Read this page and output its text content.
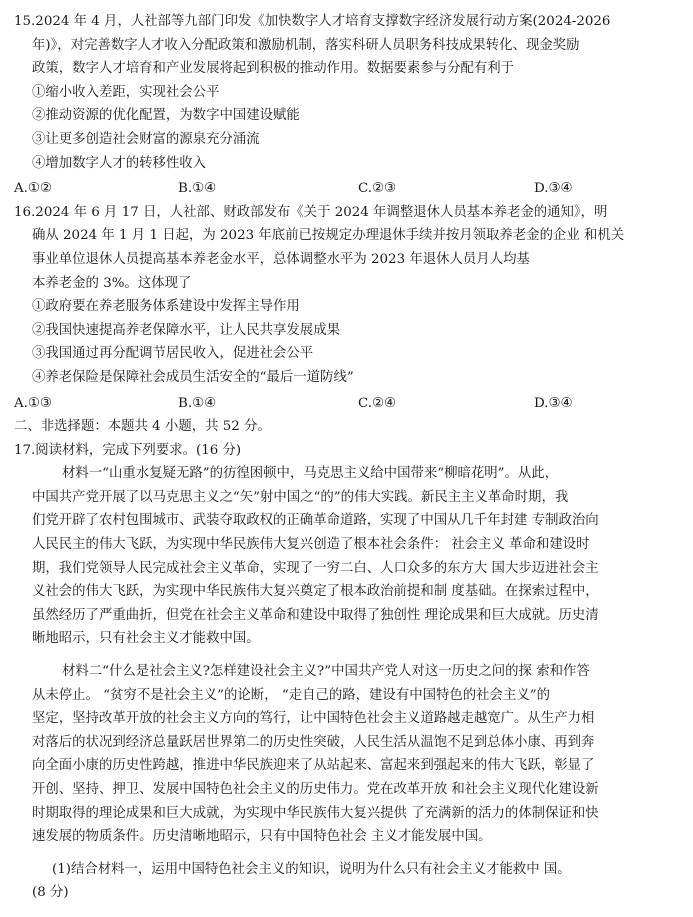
15.2024 年 4 月，人社部等九部门印发《加快数字人才培育支撑数字经济发展行动方案(2024-2026

年)》，对完善数字人才收入分配政策和激励机制，落实科研人员职务科技成果转化、现金奖励

政策，数字人才培育和产业发展将起到积极的推动作用。数据要素参与分配有利于

①缩小收入差距，实现社会公平

②推动资源的优化配置，为数字中国建设赋能

③让更多创造社会财富的源泉充分涌流

④增加数字人才的转移性收入

A.①②	B.①④	C.②③	D.③④

16.2024 年 6 月 17 日，人社部、财政部发布《关于 2024 年调整退休人员基本养老金的通知》，明

确从 2024 年 1 月 1 日起，为 2023 年底前已按规定办理退休手续并按月领取养老金的企业 和机关

事业单位退休人员提高基本养老金水平，总体调整水平为 2023 年退休人员月人均基

本养老金的 3%。这体现了

①政府要在养老服务体系建设中发挥主导作用

②我国快速提高养老保障水平，让人民共享发展成果

③我国通过再分配调节居民收入，促进社会公平

④养老保险是保障社会成员生活安全的“最后一道防线”

A.①③	B.①④	C.②④	D.③④

二、非选择题：本题共 4 小题，共 52 分。

17.阅读材料，完成下列要求。(16 分)

材料一“山重水复疑无路”的彷徨困顿中，马克思主义给中国带来“柳暗花明”。从此，

中国共产党开展了以马克思主义之“矢”射中国之“的”的伟大实践。新民主主义革命时期，我

们党开辟了农村包围城市、武装夺取政权的正确革命道路，实现了中国从几千年封建 专制政治向

人民民主的伟大飞跃，为实现中华民族伟大复兴创造了根本社会条件： 社会主义 革命和建设时

期，我们党领导人民完成社会主义革命，实现了一穷二白、人口众多的东方大 国大步迈进社会主

义社会的伟大飞跃，为实现中华民族伟大复兴奠定了根本政治前提和制 度基础。在探索过程中，

虽然经历了严重曲折，但党在社会主义革命和建设中取得了独创性 理论成果和巨大成就。历史清

晰地昭示，只有社会主义才能救中国。

材料二“什么是社会主义?怎样建设社会主义?”中国共产党人对这一历史之问的探 索和作答

从未停止。 “贫穷不是社会主义”的论断， “走自己的路，建设有中国特色的社会主义”的

坚定，坚持改革开放的社会主义方向的笃行，让中国特色社会主义道路越走越宽广。从生产力相

对落后的状况到经济总量跃居世界第二的历史性突破，人民生活从温饱不足到总体小康、再到奔

向全面小康的历史性跨越，推进中华民族迎来了从站起来、富起来到强起来的伟大飞跃，彰显了

开创、坚持、押卫、发展中国特色社会主义的历史伟力。党在改革开放 和社会主义现代化建设新

时期取得的理论成果和巨大成就，为实现中华民族伟大复兴提供 了充满新的活力的体制保证和快

速发展的物质条件。历史清晰地昭示，只有中国特色社会 主义才能发展中国。

(1)结合材料一，运用中国特色社会主义的知识，说明为什么只有社会主义才能救中 国。

(8 分)
